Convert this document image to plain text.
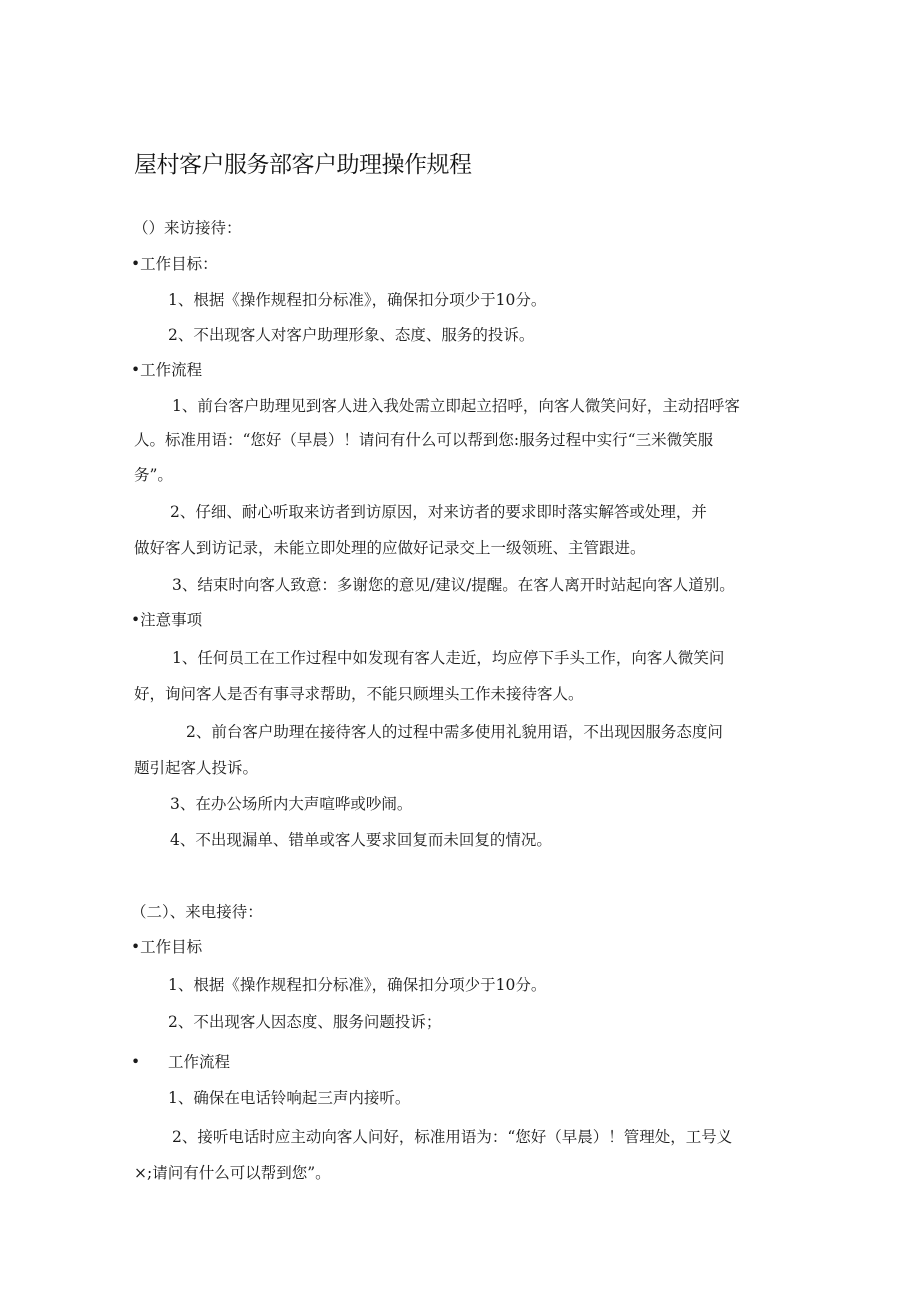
屋村客户服务部客户助理操作规程
（）来访接待：
•工作目标：
1、根据《操作规程扣分标准》，确保扣分项少于10分。
2、不出现客人对客户助理形象、态度、服务的投诉。
•工作流程
1、前台客户助理见到客人进入我处需立即起立招呼，向客人微笑问好，主动招呼客
人。标准用语：“您好（早晨）！请问有什么可以帮到您:服务过程中实行“三米微笑服
务”。
2、仔细、耐心听取来访者到访原因，对来访者的要求即时落实解答或处理，并
做好客人到访记录，未能立即处理的应做好记录交上一级领班、主管跟进。
3、结束时向客人致意：多谢您的意见/建议/提醒。在客人离开时站起向客人道别。
•注意事项
1、任何员工在工作过程中如发现有客人走近，均应停下手头工作，向客人微笑问
好，询问客人是否有事寻求帮助，不能只顾埋头工作未接待客人。
2、前台客户助理在接待客人的过程中需多使用礼貌用语，不出现因服务态度问
题引起客人投诉。
3、在办公场所内大声喧哗或吵闹。
4、不出现漏单、错单或客人要求回复而未回复的情况。
（二）、来电接待：
•工作目标
1、根据《操作规程扣分标准》，确保扣分项少于10分。
2、不出现客人因态度、服务问题投诉；
• 工作流程
1、确保在电话铃响起三声内接听。
2、接听电话时应主动向客人问好，标准用语为：“您好（早晨）！管理处，工号义
×;请问有什么可以帮到您”。
